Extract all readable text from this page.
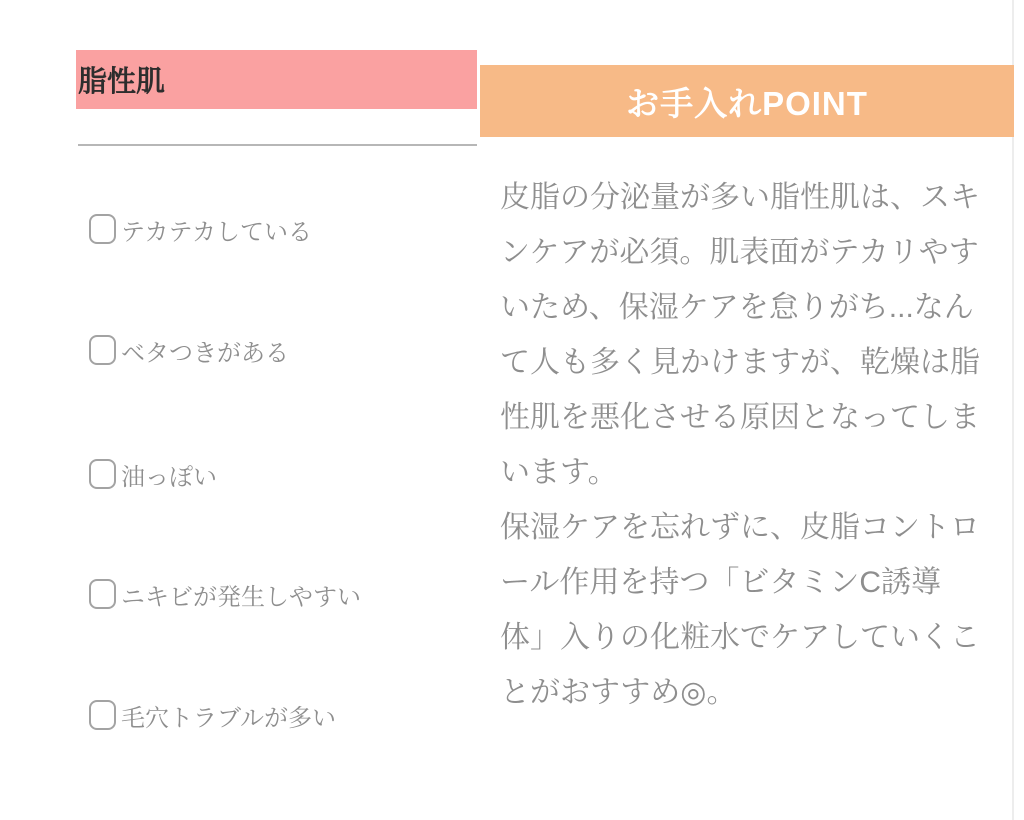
脂性肌
お手入れPOINT
テカテカしている
ベタつきがある
油っぽい
ニキビが発生しやすい
毛穴トラブルが多い
皮脂の分泌量が多い脂性肌は、スキ
ンケアが必須。肌表面がテカリやす
いため、保湿ケアを怠りがち...なん
て人も多く見かけますが、乾燥は脂
性肌を悪化させる原因となってしま
います。
保湿ケアを忘れずに、皮脂コントロ
ール作用を持つ「ビタミンC誘導
体」入りの化粧水でケアしていくこ
とがおすすめ◎。
